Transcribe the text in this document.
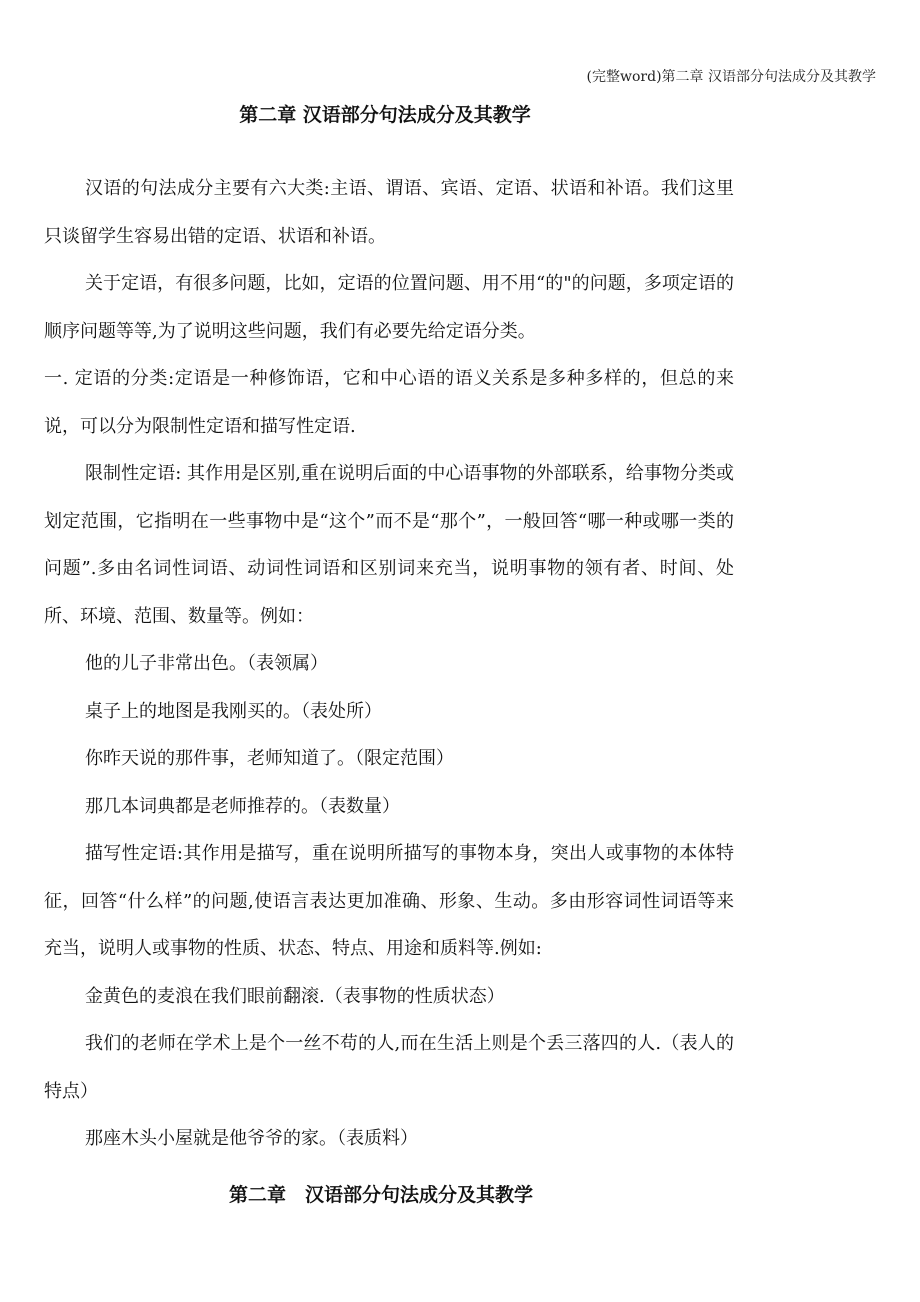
(完整word)第二章 汉语部分句法成分及其教学
第二章 汉语部分句法成分及其教学

汉语的句法成分主要有六大类:主语、谓语、宾语、定语、状语和补语。我们这里只谈留学生容易出错的定语、状语和补语。

关于定语，有很多问题，比如，定语的位置问题、用不用“的"的问题，多项定语的顺序问题等等,为了说明这些问题，我们有必要先给定语分类。

一. 定语的分类:定语是一种修饰语，它和中心语的语义关系是多种多样的，但总的来说，可以分为限制性定语和描写性定语.

限制性定语: 其作用是区别,重在说明后面的中心语事物的外部联系，给事物分类或划定范围，它指明在一些事物中是“这个”而不是“那个”，一般回答“哪一种或哪一类的问题”.多由名词性词语、动词性词语和区别词来充当，说明事物的领有者、时间、处所、环境、范围、数量等。例如：

他的儿子非常出色。（表领属）

桌子上的地图是我刚买的。（表处所）

你昨天说的那件事，老师知道了。（限定范围）

那几本词典都是老师推荐的。（表数量）

描写性定语:其作用是描写，重在说明所描写的事物本身，突出人或事物的本体特征，回答“什么样”的问题,使语言表达更加准确、形象、生动。多由形容词性词语等来充当，说明人或事物的性质、状态、特点、用途和质料等.例如:

金黄色的麦浪在我们眼前翻滚.（表事物的性质状态）

我们的老师在学术上是个一丝不苟的人,而在生活上则是个丢三落四的人.（表人的特点）

那座木头小屋就是他爷爷的家。（表质料）

第二章　汉语部分句法成分及其教学
